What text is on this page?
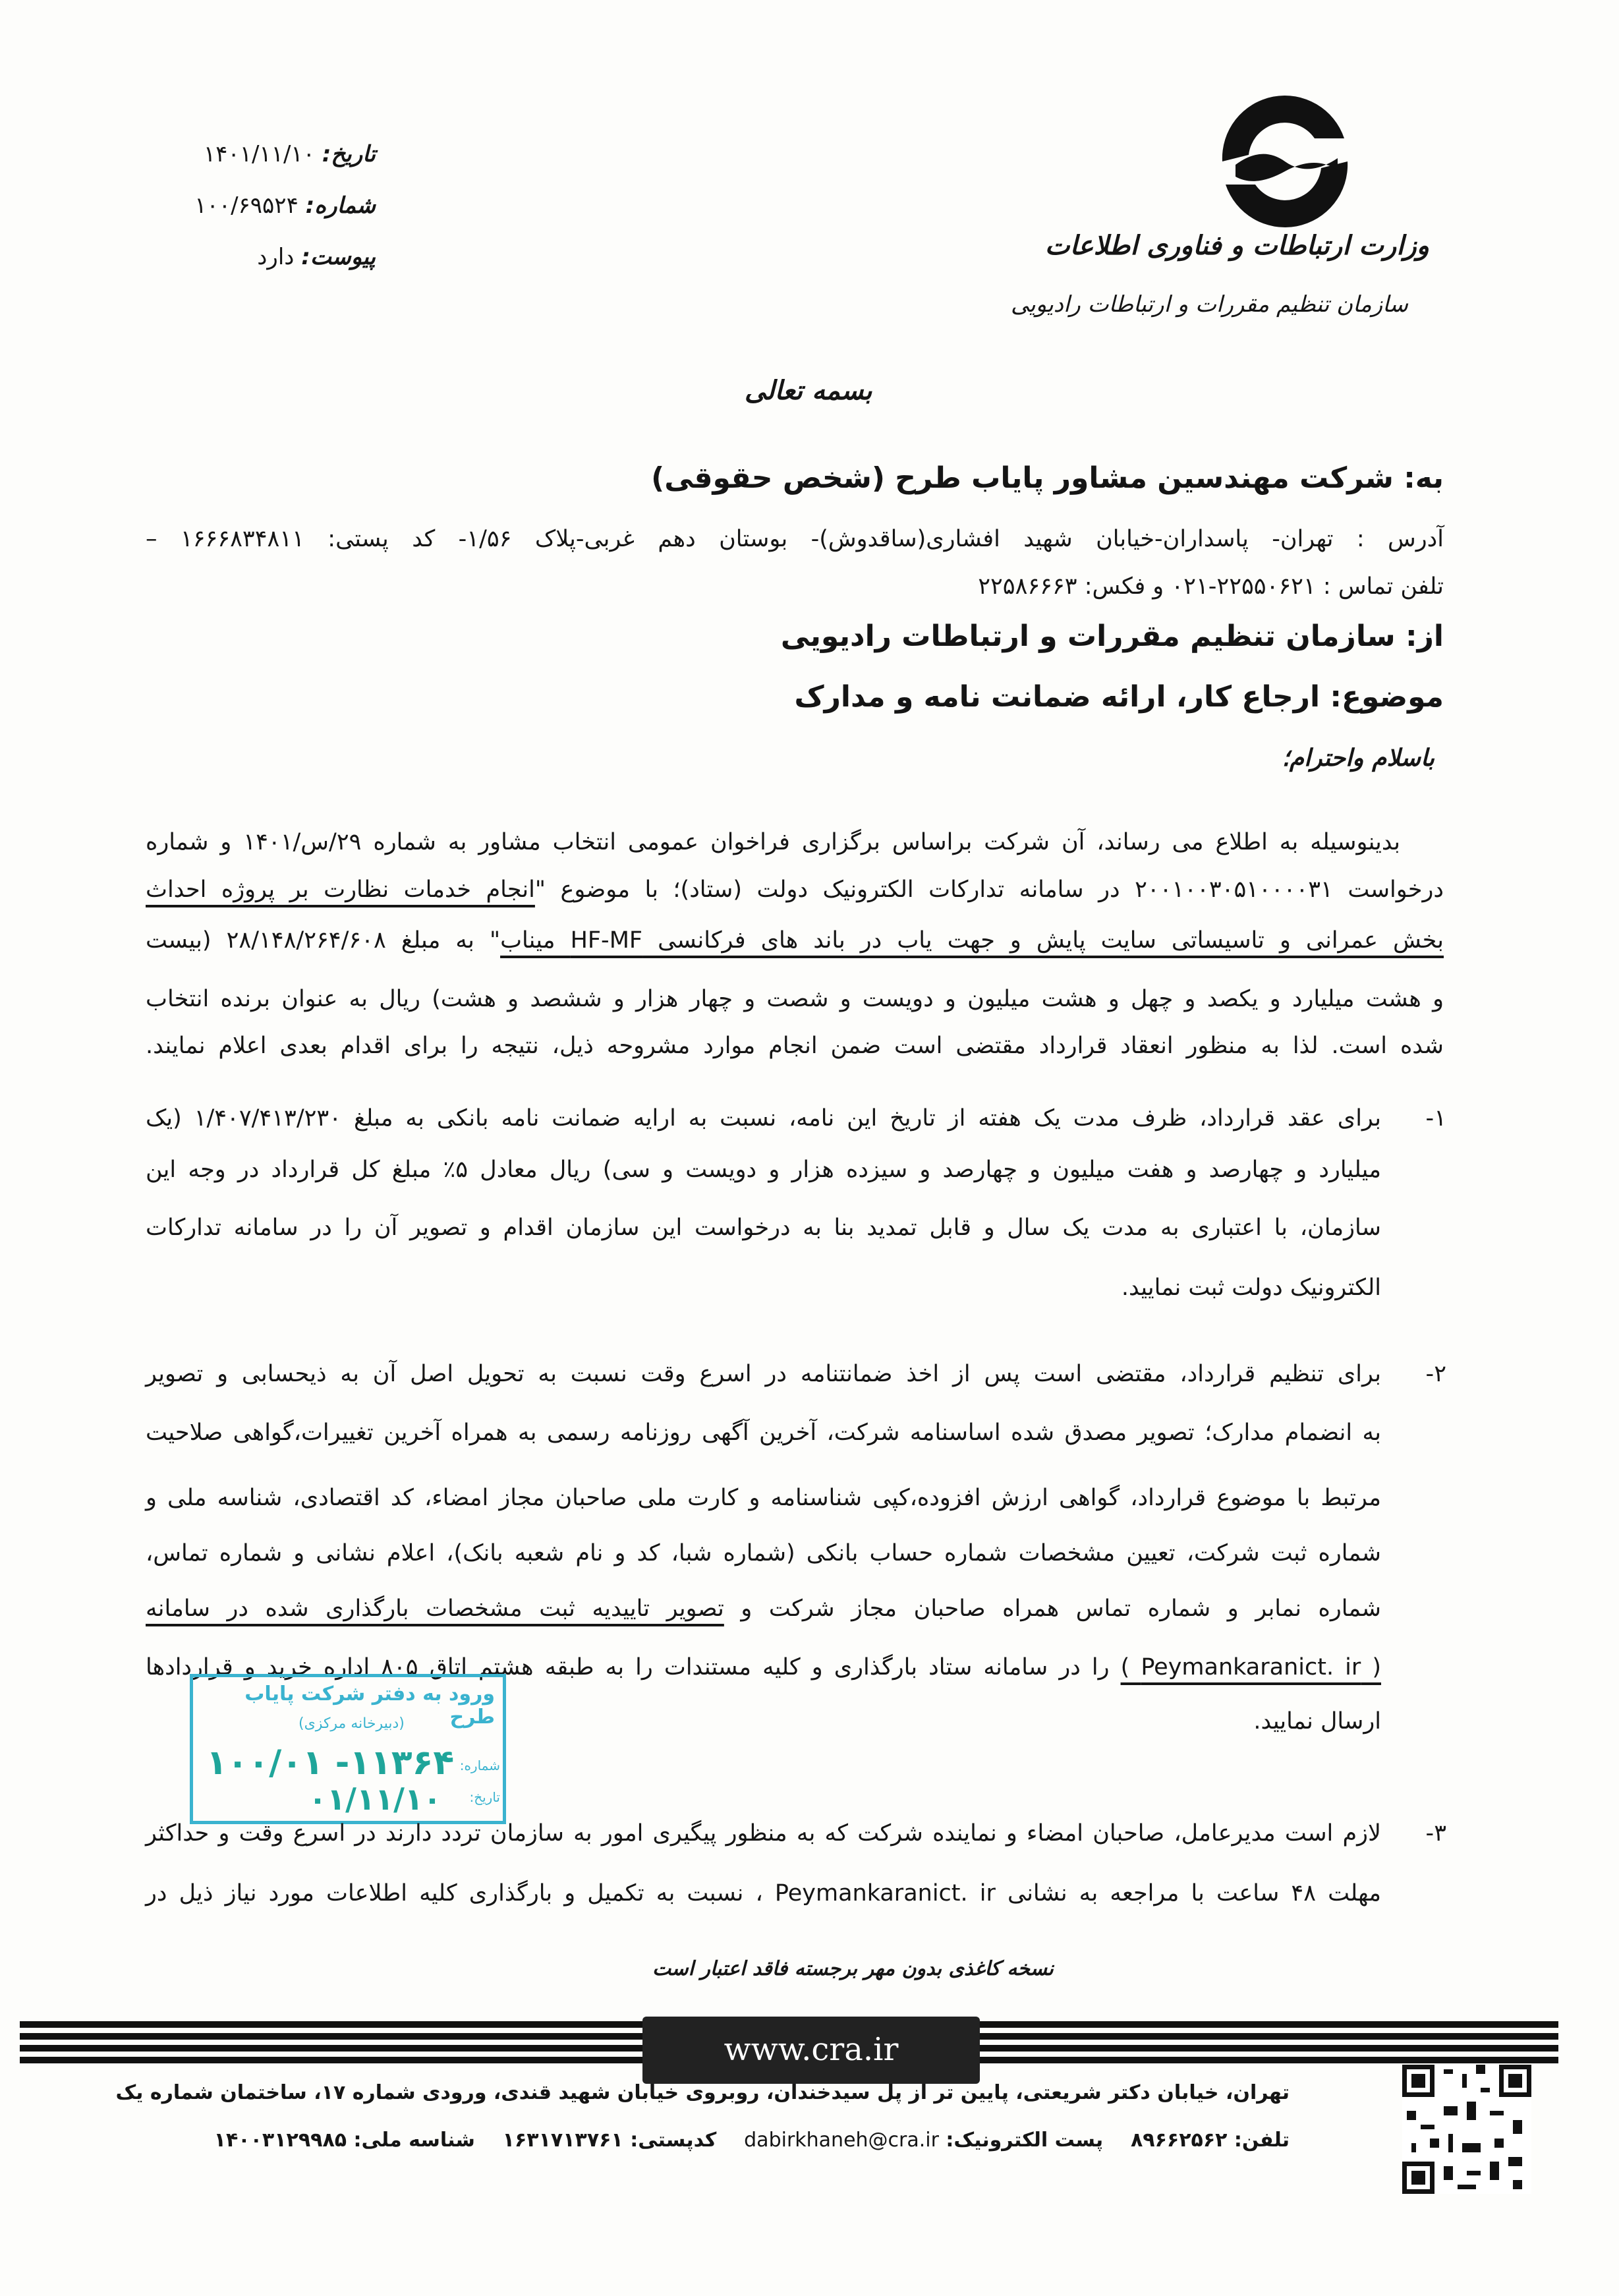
وزارت ارتباطات و فناوری اطلاعات
سازمان تنظیم مقررات و ارتباطات رادیویی
تاریخ: ۱۴۰۱/۱۱/۱۰
شماره: ۱۰۰/۶۹۵۲۴
پیوست: دارد
بسمه تعالی
به: شرکت مهندسین مشاور پایاب طرح (شخص حقوقی)
آدرس : تهران- پاسداران-خیابان شهید افشاری(ساقدوش)- بوستان دهم غربی-پلاک ۱/۵۶- کد پستی: ۱۶۶۶۸۳۴۸۱۱ –
تلفن تماس : ۲۲۵۵۰۶۲۱-۰۲۱ و فکس: ۲۲۵۸۶۶۶۳
از: سازمان تنظیم مقررات و ارتباطات رادیویی
موضوع: ارجاع کار، ارائه ضمانت نامه و مدارک
باسلام واحترام؛
بدینوسیله به اطلاع می رساند، آن شرکت براساس برگزاری فراخوان عمومی انتخاب مشاور به شماره ۲۹/س/۱۴۰۱ و شماره
درخواست ۲۰۰۱۰۰۳۰۵۱۰۰۰۰۳۱ در سامانه تدارکات الکترونیک دولت (ستاد)؛ با موضوع "انجام خدمات نظارت بر پروژه احداث
بخش عمرانی و تاسیساتی سایت پایش و جهت یاب در باند های فرکانسی HF-MF میناب" به مبلغ ۲۸/۱۴۸/۲۶۴/۶۰۸ (بیست
و هشت میلیارد و یکصد و چهل و هشت میلیون و دویست و شصت و چهار هزار و ششصد و هشت) ریال به عنوان برنده انتخاب
شده است. لذا به منظور انعقاد قرارداد مقتضی است ضمن انجام موارد مشروحه ذیل، نتیجه را برای اقدام بعدی اعلام نمایند.
۱-
برای عقد قرارداد، ظرف مدت یک هفته از تاریخ این نامه، نسبت به ارایه ضمانت نامه بانکی به مبلغ ۱/۴۰۷/۴۱۳/۲۳۰ (یک
میلیارد و چهارصد و هفت میلیون و چهارصد و سیزده هزار و دویست و سی) ریال معادل ۵٪ مبلغ کل قرارداد در وجه این
سازمان، با اعتباری به مدت یک سال و قابل تمدید بنا به درخواست این سازمان اقدام و تصویر آن را در سامانه تدارکات
الکترونیک دولت ثبت نمایید.
۲-
برای تنظیم قرارداد، مقتضی است پس از اخذ ضمانتنامه در اسرع وقت نسبت به تحویل اصل آن به ذیحسابی و تصویر
به انضمام مدارک؛ تصویر مصدق شده اساسنامه شرکت، آخرین آگهی روزنامه رسمی به همراه آخرین تغییرات،گواهی صلاحیت
مرتبط با موضوع قرارداد، گواهی ارزش افزوده،کپی شناسنامه و کارت ملی صاحبان مجاز امضاء، کد اقتصادی، شناسه ملی و
شماره ثبت شرکت، تعیین مشخصات شماره حساب بانکی (شماره شبا، کد و نام شعبه بانک)، اعلام نشانی و شماره تماس،
شماره نمابر و شماره تماس همراه صاحبان مجاز شرکت و تصویر تاییدیه ثبت مشخصات بارگذاری شده در سامانه
( Peymankaranict. ir ) را در سامانه ستاد بارگذاری و کلیه مستندات را به طبقه هشتم اتاق ۸۰۵ اداره خرید و قراردادها
ارسال نمایید.
ورود به دفتر شرکت پایاب طرح
(دبیرخانه مرکزی)
شماره:
تاریخ:
۱۰۰/۰۱ -۱۱۳۶۴
۰۱/۱۱/۱۰
۳-
لازم است مدیرعامل، صاحبان امضاء و نماینده شرکت که به منظور پیگیری امور به سازمان تردد دارند در اسرع وقت و حداکثر
مهلت ۴۸ ساعت با مراجعه به نشانی Peymankaranict. ir ، نسبت به تکمیل و بارگذاری کلیه اطلاعات مورد نیاز ذیل در
نسخه کاغذی بدون مهر برجسته فاقد اعتبار است
www.cra.ir
تهران، خیابان دکتر شریعتی، پایین تر از پل سیدخندان، روبروی خیابان شهید قندی، ورودی شماره ۱۷، ساختمان شماره یک
تلفن: ۸۹۶۶۲۵۶۲    پست الکترونیک: dabirkhaneh@cra.ir    کدپستی: ۱۶۳۱۷۱۳۷۶۱    شناسه ملی: ۱۴۰۰۳۱۲۹۹۸۵
